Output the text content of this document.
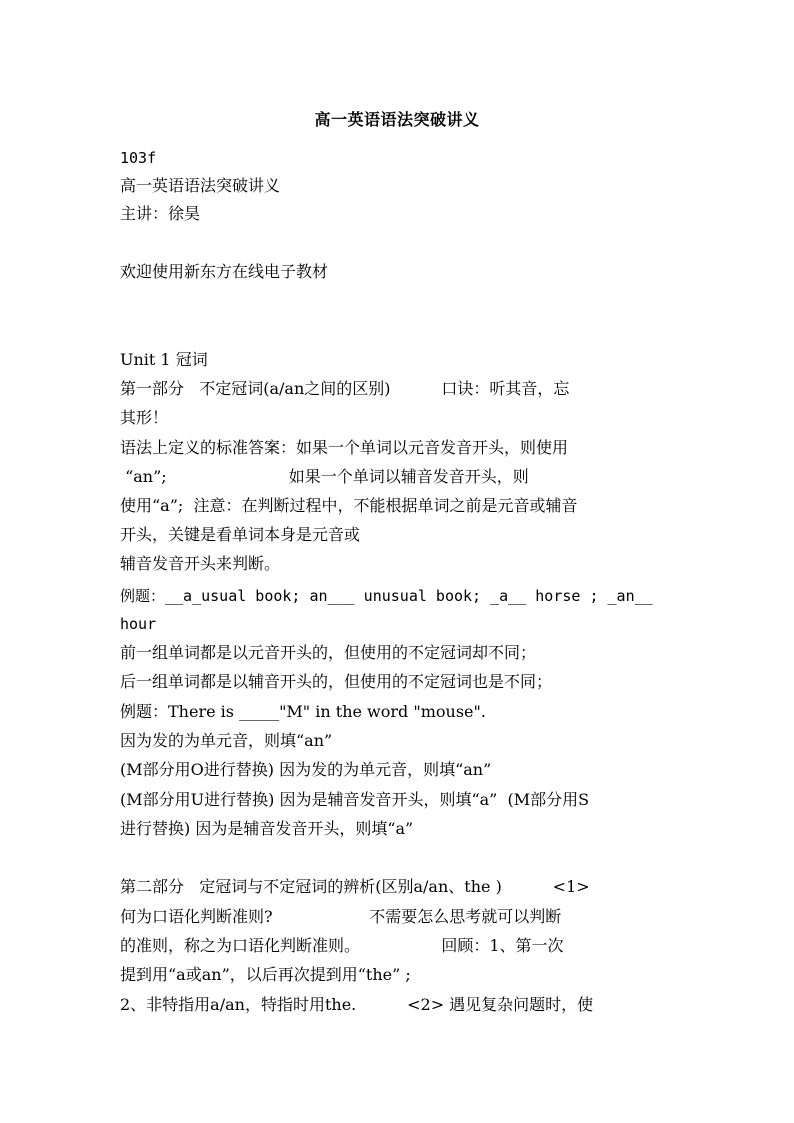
高一英语语法突破讲义
103f
高一英语语法突破讲义
主讲：徐昊
欢迎使用新东方在线电子教材
Unit 1 冠词
第一部分   不定冠词(a/an之间的区别)          口诀：听其音，忘
其形！
语法上定义的标准答案：如果一个单词以元音发音开头，则使用
“an”;                        如果一个单词以辅音发音开头，则
使用“a”;  注意：在判断过程中，不能根据单词之前是元音或辅音
开头，关键是看单词本身是元音或
辅音发音开头来判断。
例题：__a_usual book; an___ unusual book; _a__ horse ; _an__
hour
前一组单词都是以元音开头的，但使用的不定冠词却不同；
后一组单词都是以辅音开头的，但使用的不定冠词也是不同；
例题：There is _____"M" in the word "mouse".
因为发的为单元音，则填“an”
(M部分用O进行替换) 因为发的为单元音，则填“an”
(M部分用U进行替换) 因为是辅音发音开头，则填“a”  (M部分用S
进行替换) 因为是辅音发音开头，则填“a”
第二部分   定冠词与不定冠词的辨析(区别a/an、the )          <1>
何为口语化判断准则?                   不需要怎么思考就可以判断
的准则，称之为口语化判断准则。                回顾：1、第一次
提到用“a或an”，以后再次提到用“the” ;
2、非特指用a/an，特指时用the.          <2> 遇见复杂问题时，使
